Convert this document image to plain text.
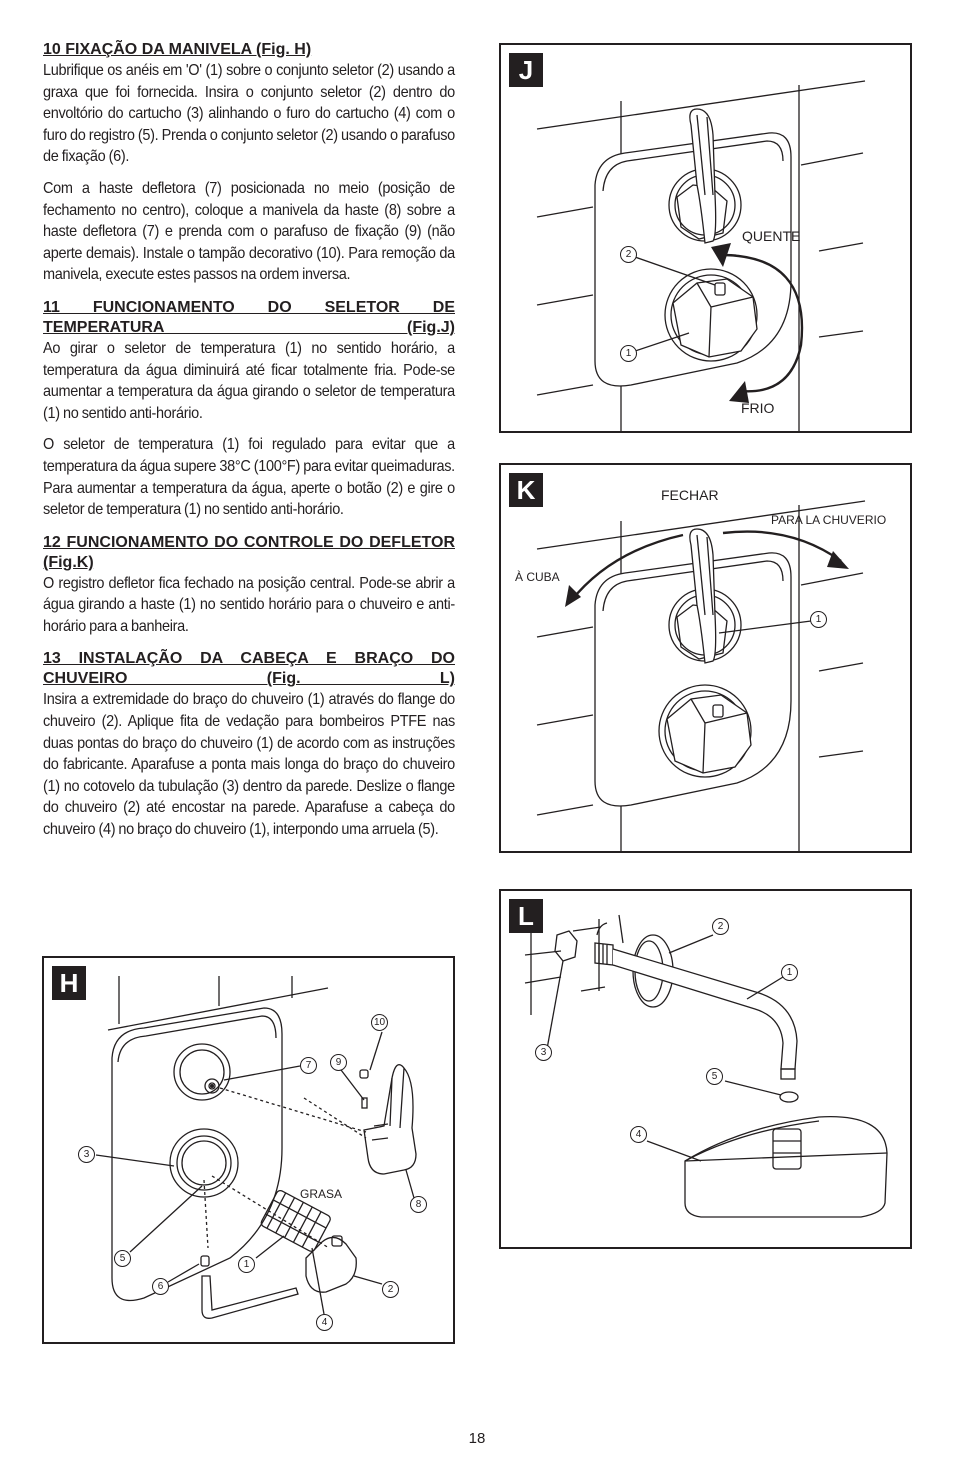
10 FIXAÇÃO DA MANIVELA (Fig. H)

Lubrifique os anéis em 'O' (1) sobre o conjunto seletor (2) usando a graxa que foi fornecida. Insira o conjunto seletor (2) dentro do envoltório do cartucho (3) alinhando o furo do cartucho (4) com o furo do registro (5). Prenda o conjunto seletor (2) usando o parafuso de fixação (6).

Com a haste defletora (7) posicionada no meio (posição de fechamento no centro), coloque a manivela da haste (8) sobre a haste defletora (7) e prenda com o parafuso de fixação (9) (não aperte demais). Instale o tampão decorativo (10). Para remoção da manivela, execute estes passos na ordem inversa.

11 FUNCIONAMENTO DO SELETOR DE TEMPERATURA (Fig.J)

Ao girar o seletor de temperatura (1) no sentido horário, a temperatura da água diminuirá até ficar totalmente fria. Pode-se aumentar a temperatura da água girando o seletor de temperatura (1) no sentido anti-horário.

O seletor de temperatura (1) foi regulado para evitar que a temperatura da água supere 38°C (100°F) para evitar queimaduras. Para aumentar a temperatura da água, aperte o botão (2) e gire o seletor de temperatura (1) no sentido anti-horário.

12 FUNCIONAMENTO DO CONTROLE DO DEFLETOR (Fig.K)

O registro defletor fica fechado na posição central. Pode-se abrir a água girando a haste (1) no sentido horário para o chuveiro e anti-horário para a banheira.

13 INSTALAÇÃO DA CABEÇA E BRAÇO DO CHUVEIRO (Fig. L)

Insira a extremidade do braço do chuveiro (1) através do flange do chuveiro (2). Aplique fita de vedação para bombeiros PTFE nas duas pontas do braço do chuveiro (1) de acordo com as instruções do fabricante. Aparafuse a ponta mais longa do braço do chuveiro (1) no cotovelo da tubulação (3) dentro da parede. Deslize o flange do chuveiro (2) até encostar na parede. Aparafuse a cabeça do chuveiro (4) no braço do chuveiro (1), interpondo uma arruela (5).

H
GRASA
10
7	9
3
8
5
1
6	2
4
J
QUENTE
FRIO
2
1
K	FECHAR
PARA LA CHUVERIO
À CUBA
1
L	2
1
3
5
4
18
